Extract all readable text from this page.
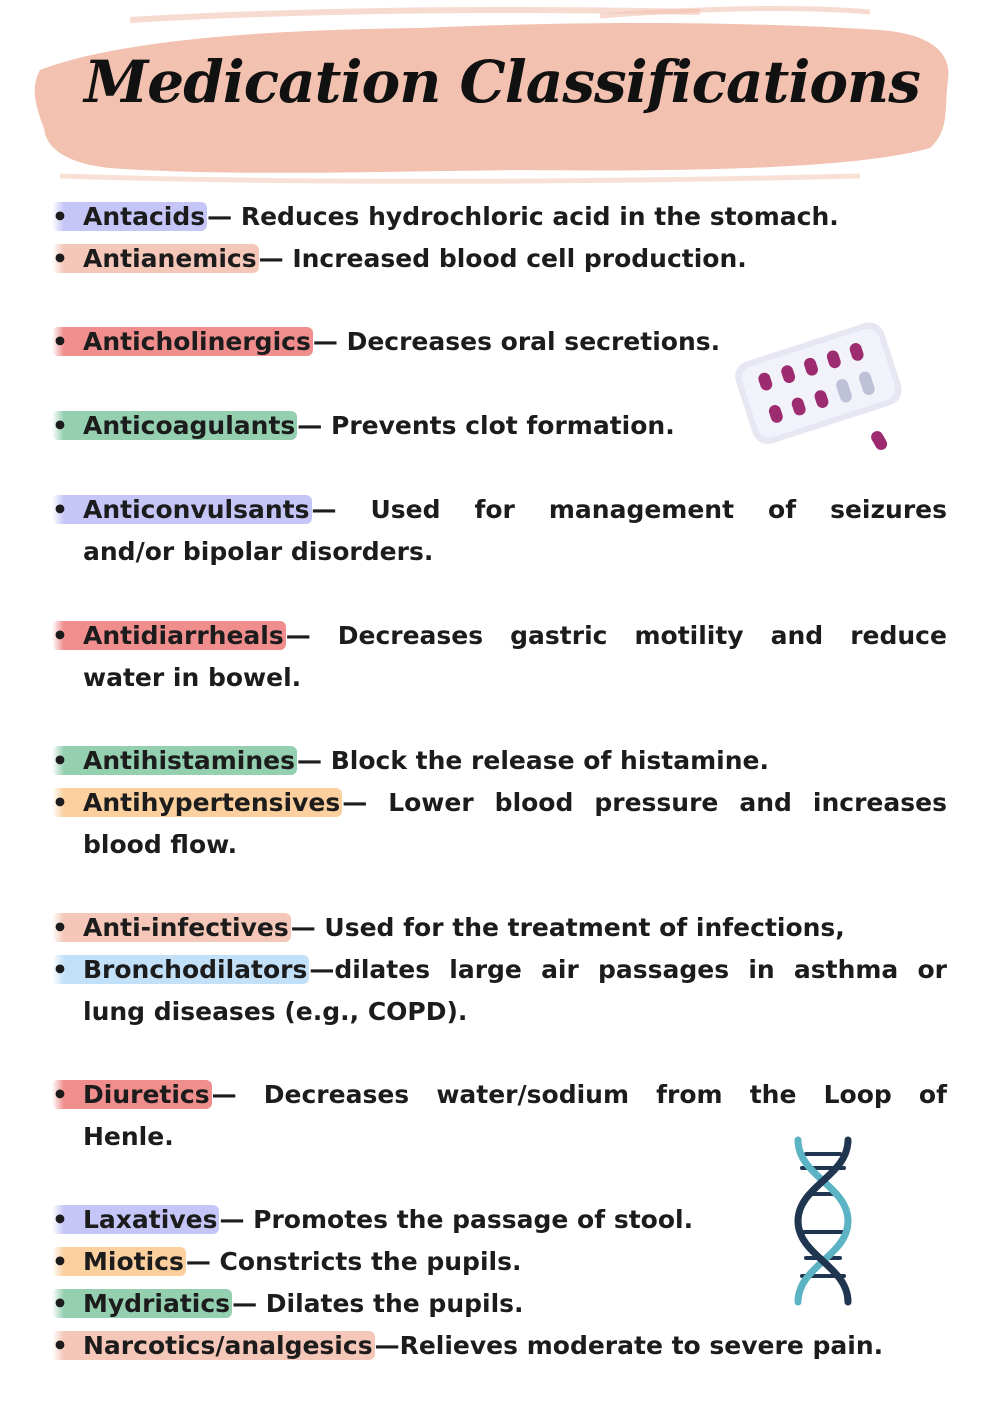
Medication Classifications
• Antacids— Reduces hydrochloric acid in the stomach.
• Antianemics— Increased blood cell production.
• Anticholinergics— Decreases oral secretions.
• Anticoagulants— Prevents clot formation.
• Anticonvulsants— Used for management of seizures
and/or bipolar disorders.
• Antidiarrheals— Decreases gastric motility and reduce
water in bowel.
• Antihistamines— Block the release of histamine.
• Antihypertensives— Lower blood pressure and increases
blood flow.
• Anti-infectives— Used for the treatment of infections,
• Bronchodilators—dilates large air passages in asthma or
lung diseases (e.g., COPD).
• Diuretics— Decreases water/sodium from the Loop of
Henle.
• Laxatives— Promotes the passage of stool.
• Miotics— Constricts the pupils.
• Mydriatics— Dilates the pupils.
• Narcotics/analgesics—Relieves moderate to severe pain.
